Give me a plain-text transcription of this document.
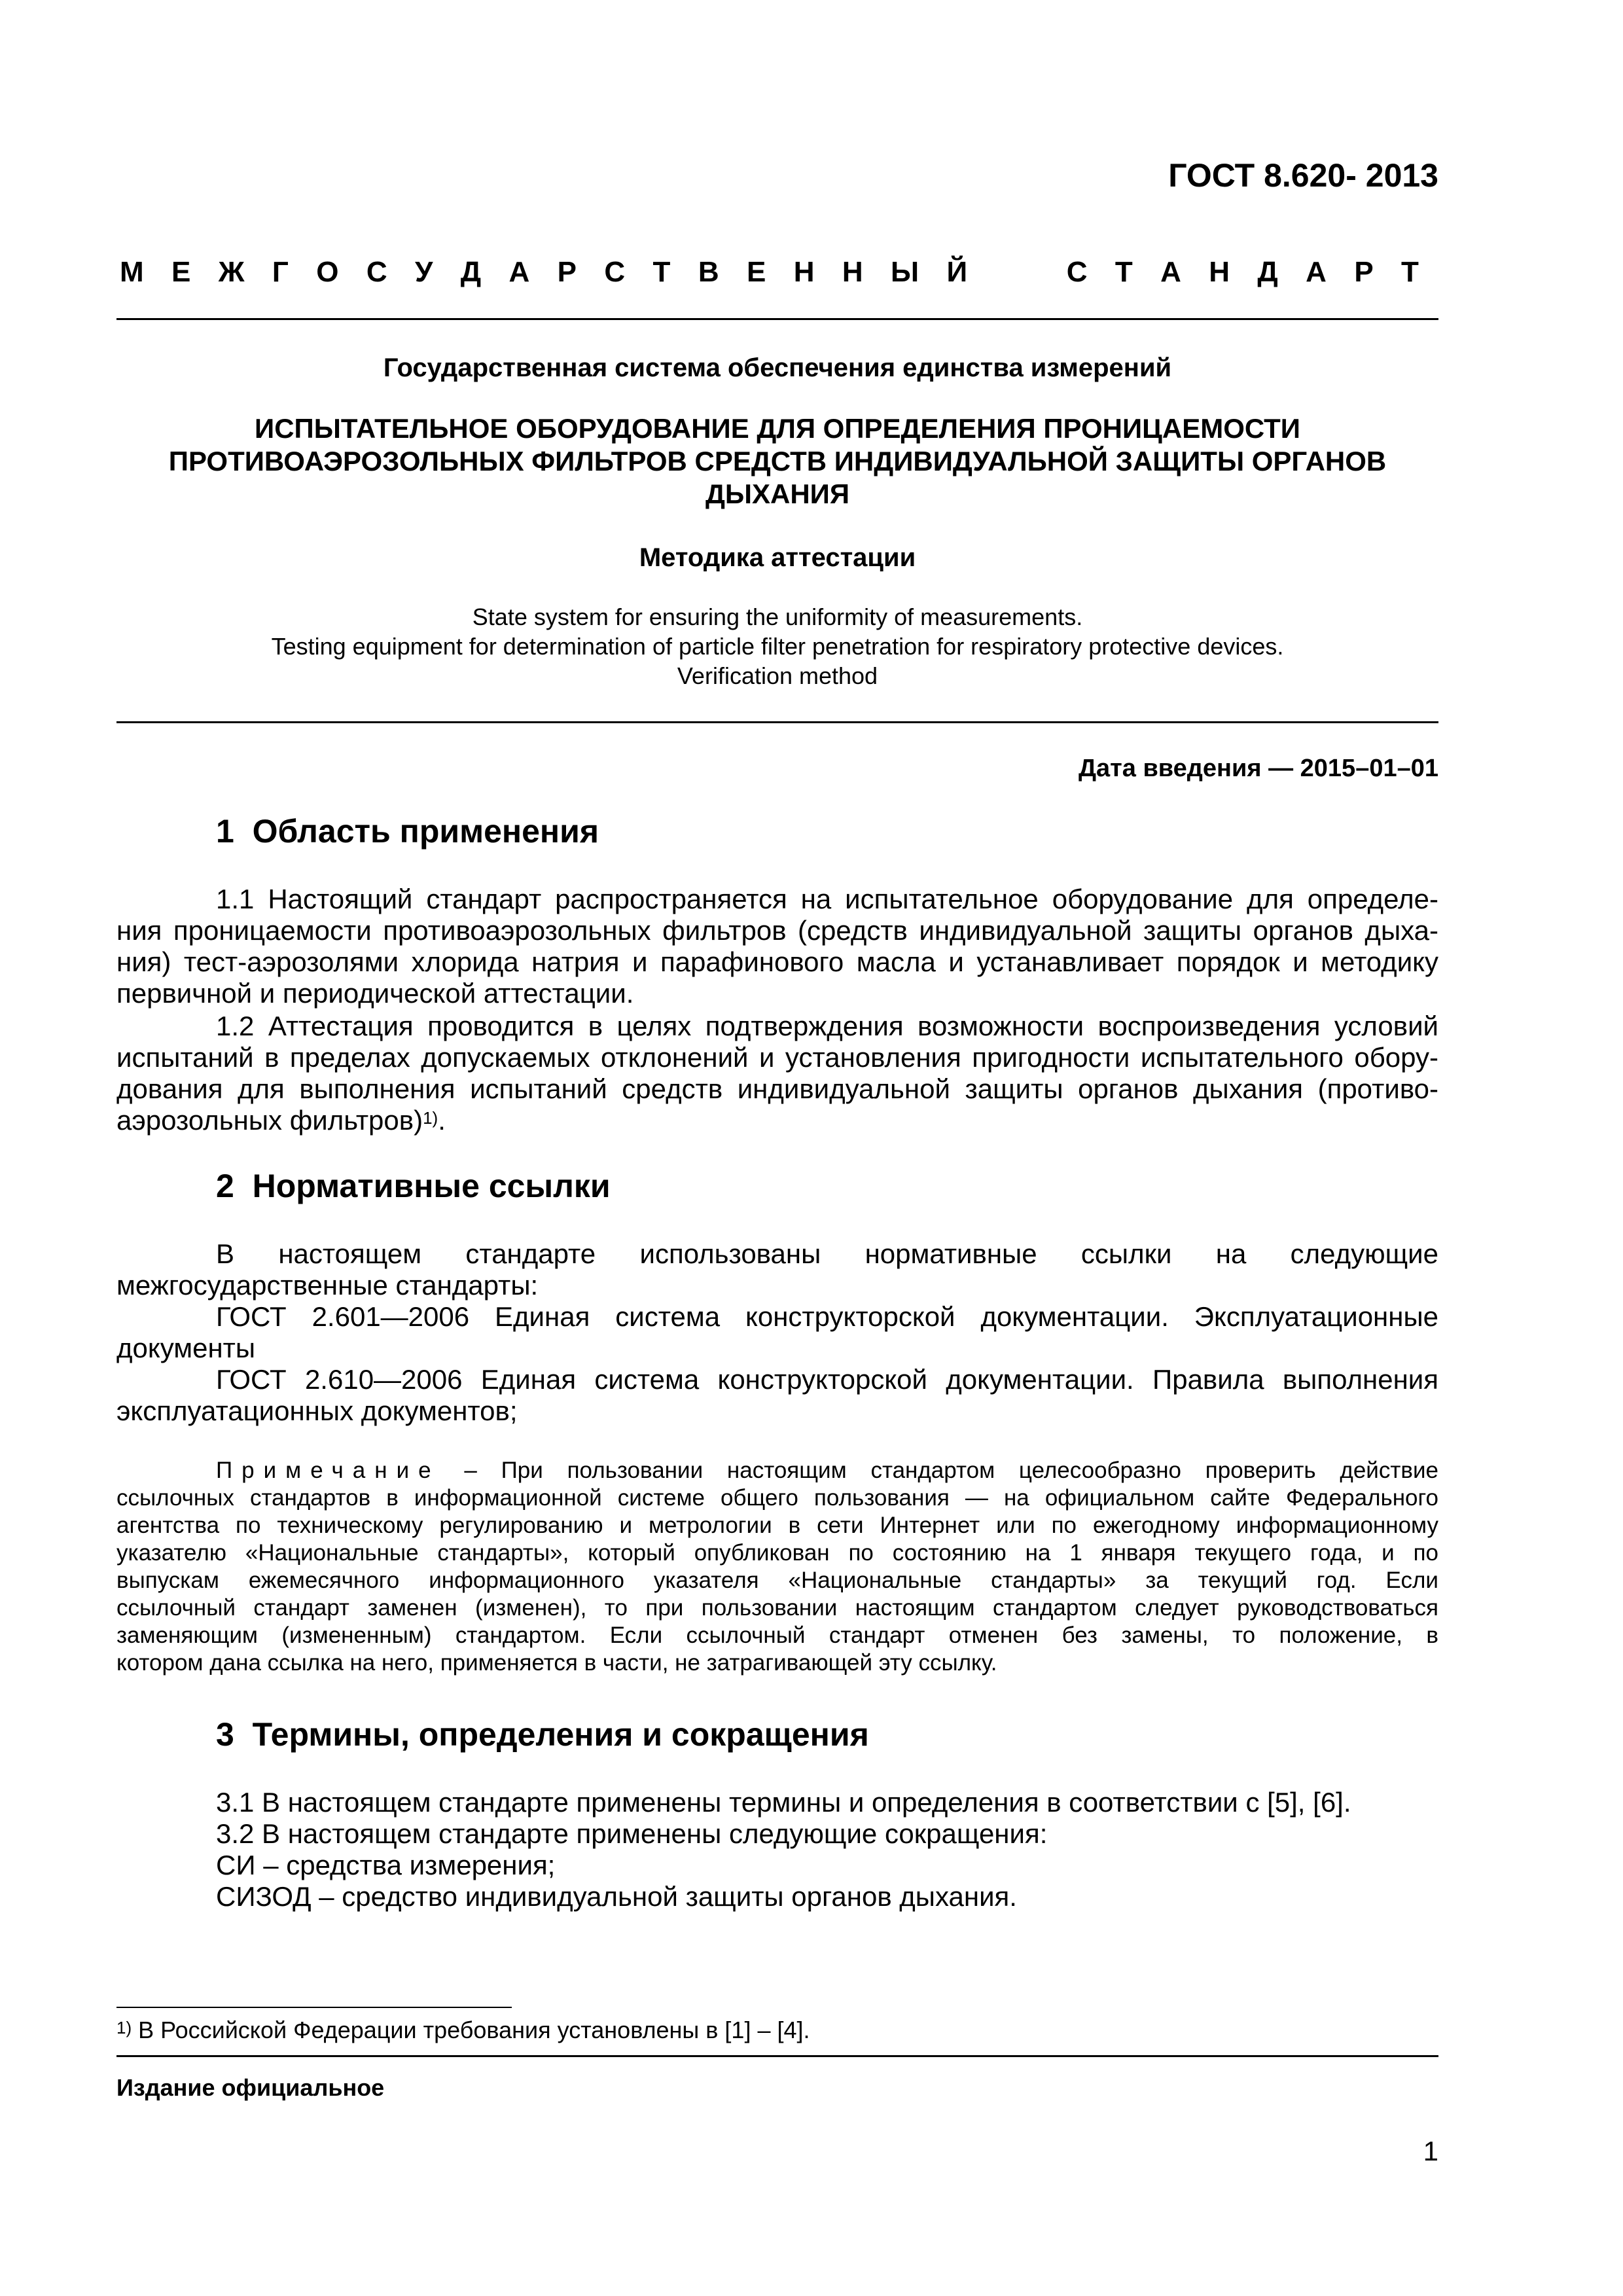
ГОСТ 8.620- 2013
М Е Ж Г О С У Д А Р С Т В Е Н Н Ы Й

	С Т А Н Д А Р Т
Государственная система обеспечения единства измерений
ИСПЫТАТЕЛЬНОЕ ОБОРУДОВАНИЕ ДЛЯ ОПРЕДЕЛЕНИЯ ПРОНИЦАЕМОСТИ
ПРОТИВОАЭРОЗОЛЬНЫХ ФИЛЬТРОВ СРЕДСТВ ИНДИВИДУАЛЬНОЙ ЗАЩИТЫ ОРГАНОВ
ДЫХАНИЯ
Методика аттестации
State system for ensuring the uniformity of measurements.
Testing equipment for determination of particle filter penetration for respiratory protective devices.
Verification method
Дата введения — 2015–01–01
1  Область применения
1.1 Настоящий стандарт распространяется на испытательное оборудование для определе-
ния проницаемости противоаэрозольных фильтров (средств индивидуальной защиты органов дыха-
ния) тест-аэрозолями хлорида натрия и парафинового масла и устанавливает порядок и методику
первичной и периодической аттестации.
1.2 Аттестация проводится в целях подтверждения возможности воспроизведения условий
испытаний в пределах допускаемых отклонений и установления пригодности испытательного обору-
дования для выполнения испытаний средств индивидуальной защиты органов дыхания (противо-
аэрозольных фильтров)$^{1)}$.
2  Нормативные ссылки
В настоящем стандарте использованы нормативные ссылки на следующие
межгосударственные стандарты:
ГОСТ 2.601—2006 Единая система конструкторской документации. Эксплуатационные
документы
ГОСТ 2.610—2006 Единая система конструкторской документации. Правила выполнения
эксплуатационных документов;
Примечание – При пользовании настоящим стандартом целесообразно проверить действие
ссылочных стандартов в информационной системе общего пользования — на официальном сайте Федерального
агентства по техническому регулированию и метрологии в сети Интернет или по ежегодному информационному
указателю «Национальные стандарты», который опубликован по состоянию на 1 января текущего года, и по
выпускам ежемесячного информационного указателя «Национальные стандарты» за текущий год. Если
ссылочный стандарт заменен (изменен), то при пользовании настоящим стандартом следует руководствоваться
заменяющим (измененным) стандартом. Если ссылочный стандарт отменен без замены, то положение, в
котором дана ссылка на него, применяется в части, не затрагивающей эту ссылку.
3  Термины, определения и сокращения
3.1 В настоящем стандарте применены термины и определения в соответствии с [5], [6].
3.2 В настоящем стандарте применены следующие сокращения:
СИ – средства измерения;
СИЗОД – средство индивидуальной защиты органов дыхания.
$^{1)}$ В Российской Федерации требования установлены в [1] – [4].
Издание официальное
1
